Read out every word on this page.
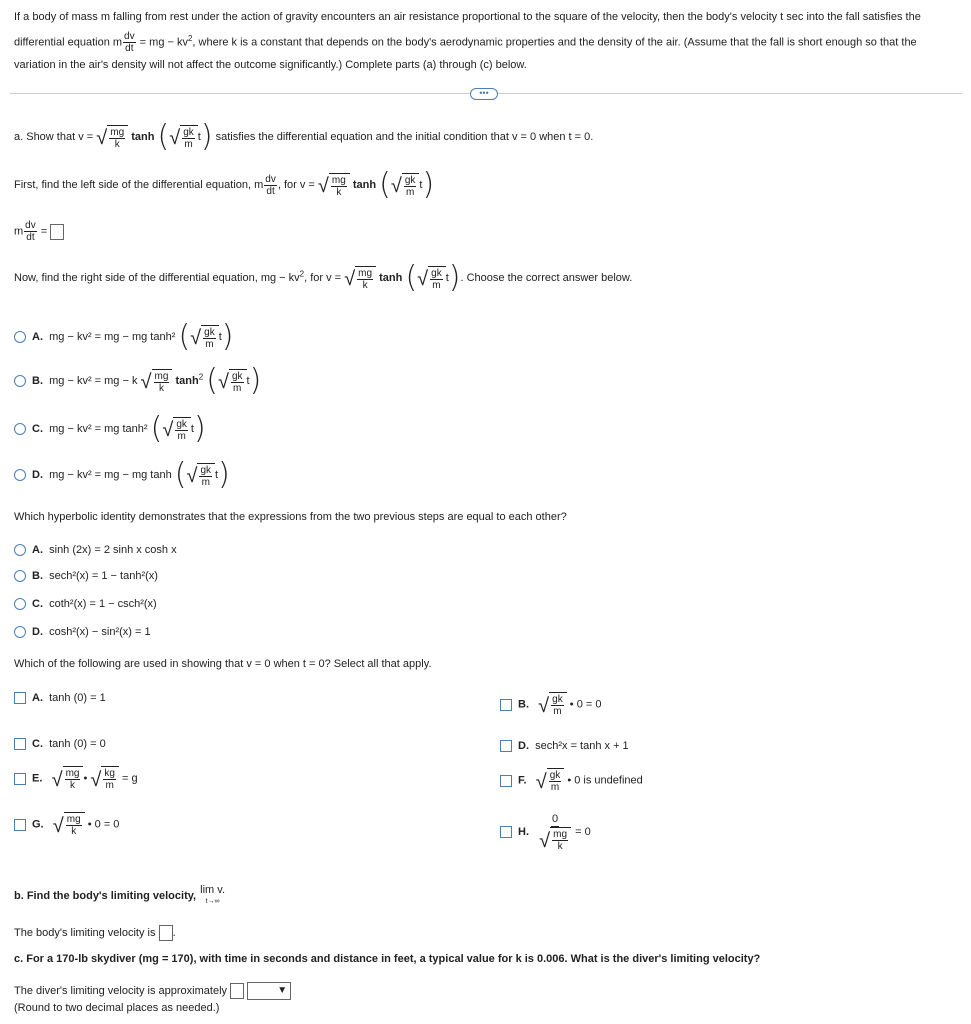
If a body of mass m falling from rest under the action of gravity encounters an air resistance proportional to the square of the velocity, then the body's velocity t sec into the fall satisfies the differential equation m $\frac{dv}{dt}$ = mg − $kv^2$, where k is a constant that depends on the body's aerodynamic properties and the density of the air. (Assume that the fall is short enough so that the variation in the air's density will not affect the outcome significantly.) Complete parts (a) through (c) below.
•••
a. Show that v = √ $\frac{mg}{k}$ tanh ( √ $\frac{gk}{m} t$) satisfies the differential equation and the initial condition that v = 0 when t = 0.
First, find the left side of the differential equation, m $\frac{dv}{dt}$ , for v = √ $\frac{mg}{k}$ tanh ( √ $\frac{gk}{m} t$)
m $\frac{dv}{dt}$ =
Now, find the right side of the differential equation, mg − $kv^2$, for v = √ $\frac{mg}{k}$ tanh ( √ $\frac{gk}{m} t$). Choose the correct answer below.
A. mg − kv² = mg − mg tanh² ( √ $\frac{gk}{m} t$)
B. mg − kv² = mg − k √ $\frac{mg}{k} \tanh^2$ ( √ $\frac{gk}{m} t$)
C. mg − kv² = mg tanh² ( √ $\frac{gk}{m} t$)
D. mg − kv² = mg − mg tanh ( √ $\frac{gk}{m} t$)
Which hyperbolic identity demonstrates that the expressions from the two previous steps are equal to each other?
A. sinh (2x) = 2 sinh x cosh x
B. sech²(x) = 1 − tanh²(x)
C. coth²(x) = 1 − csch²(x)
D. cosh²(x) − sin²(x) = 1
Which of the following are used in showing that v = 0 when t = 0? Select all that apply.
A. tanh (0) = 1
B. √ $\frac{gk}{m}$ • 0 = 0
C. tanh (0) = 0	D. sech²x = tanh x + 1
E. √ $\frac{mg}{k}$ • √ $\frac{kg}{m} = g$	F. √ $\frac{gk}{m}$ • 0 is undefined
G. √ $\frac{mg}{k}$ • 0 = 0
H. $\frac{0}{√ \frac{mg}{k}} = 0$
b. Find the body's limiting velocity, lim v.
t→∞
The body's limiting velocity is .
c. For a 170-lb skydiver (mg = 170), with time in seconds and distance in feet, a typical value for k is 0.006. What is the diver's limiting velocity?
The diver's limiting velocity is approximately	▼
(Round to two decimal places as needed.)
